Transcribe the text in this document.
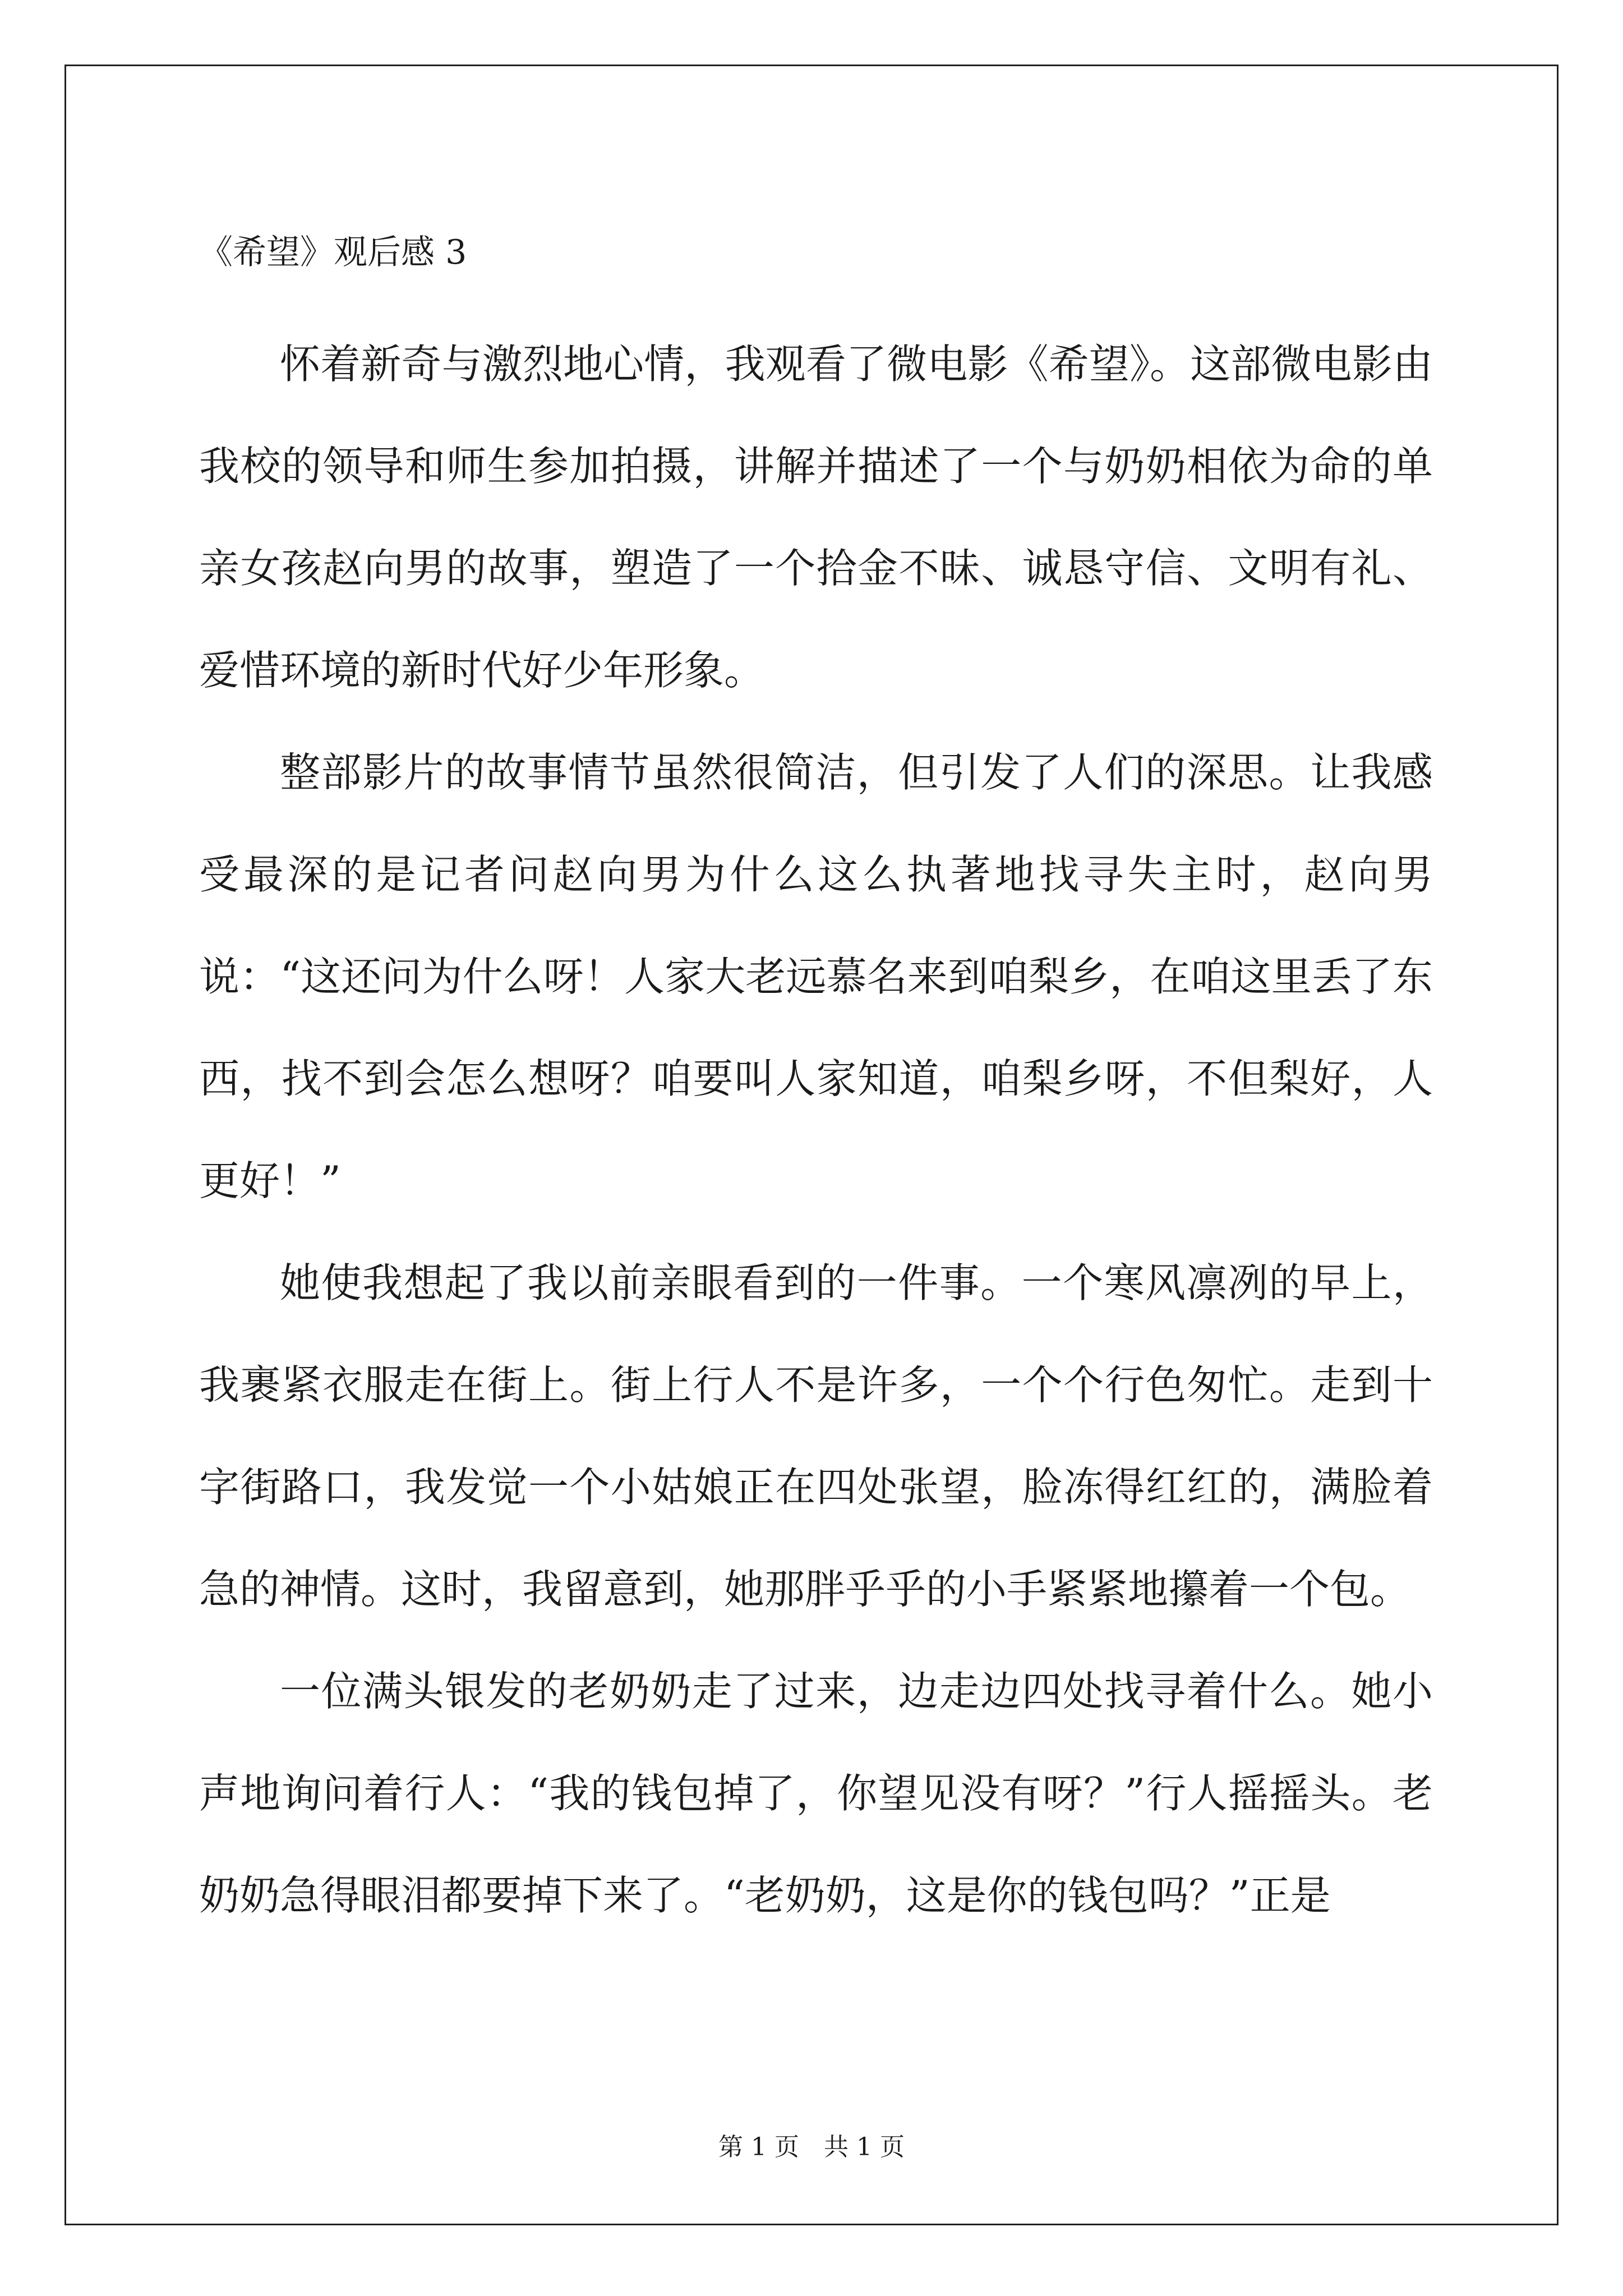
《希望》观后感 3

怀着新奇与激烈地心情，我观看了微电影《希望》。这部微电影由我校的领导和师生参加拍摄，讲解并描述了一个与奶奶相依为命的单亲女孩赵向男的故事，塑造了一个拾金不昧、诚恳守信、文明有礼、爱惜环境的新时代好少年形象。

整部影片的故事情节虽然很简洁，但引发了人们的深思。让我感受最深的是记者问赵向男为什么这么执著地找寻失主时，赵向男说：“这还问为什么呀！人家大老远慕名来到咱梨乡，在咱这里丢了东西，找不到会怎么想呀？咱要叫人家知道，咱梨乡呀，不但梨好，人更好！”

她使我想起了我以前亲眼看到的一件事。一个寒风凛冽的早上，我裹紧衣服走在街上。街上行人不是许多，一个个行色匆忙。走到十字街路口，我发觉一个小姑娘正在四处张望，脸冻得红红的，满脸着急的神情。这时，我留意到，她那胖乎乎的小手紧紧地攥着一个包。

一位满头银发的老奶奶走了过来，边走边四处找寻着什么。她小声地询问着行人：“我的钱包掉了，你望见没有呀？”行人摇摇头。老奶奶急得眼泪都要掉下来了。“老奶奶，这是你的钱包吗？”正是

第 1 页 共 1 页
